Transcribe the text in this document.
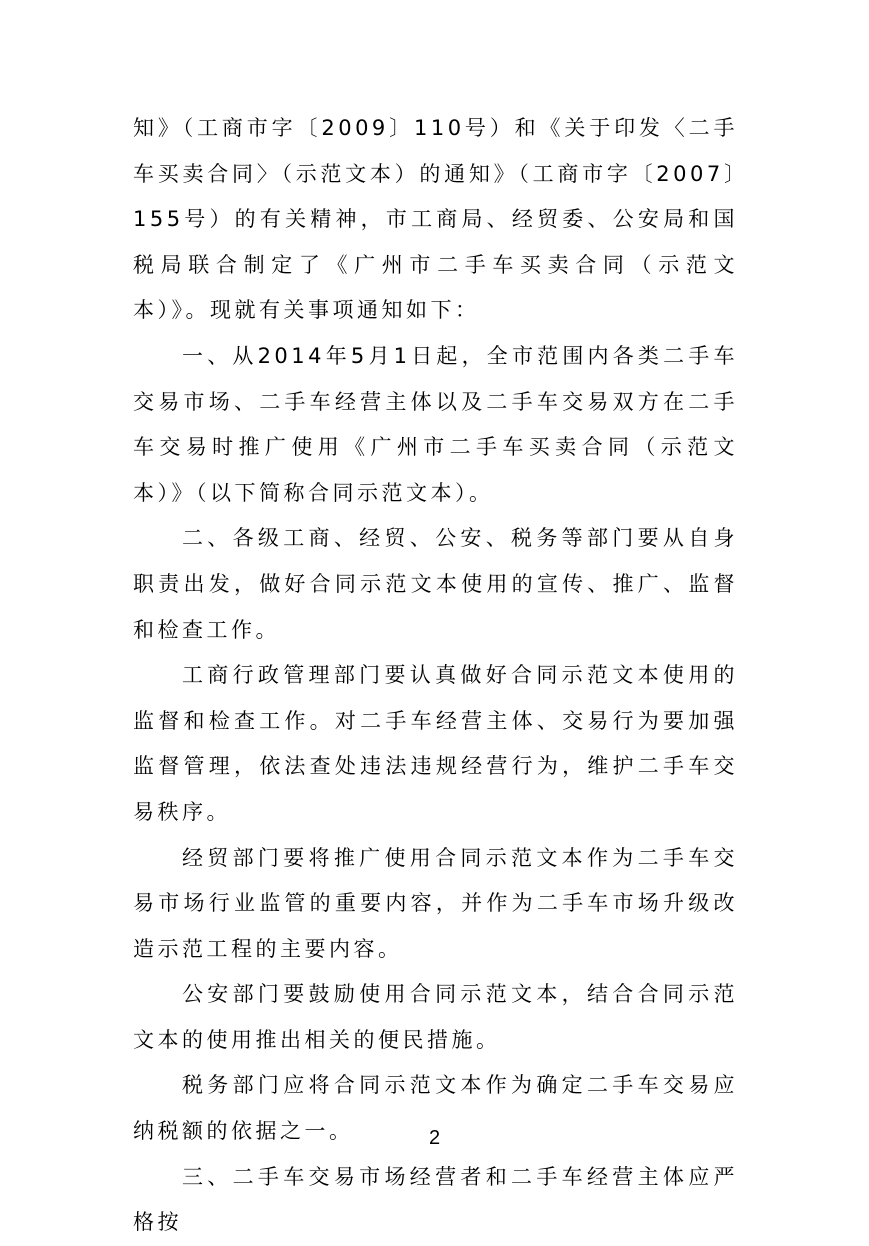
知》（工商市字〔2009〕110号）和《关于印发〈二手车买卖合同〉（示范文本）的通知》（工商市字〔2007〕155号）的有关精神，市工商局、经贸委、公安局和国税局联合制定了《广州市二手车买卖合同（示范文本）》。现就有关事项通知如下：

一、从2014年5月1日起，全市范围内各类二手车交易市场、二手车经营主体以及二手车交易双方在二手车交易时推广使用《广州市二手车买卖合同（示范文本）》（以下简称合同示范文本）。

二、各级工商、经贸、公安、税务等部门要从自身职责出发，做好合同示范文本使用的宣传、推广、监督和检查工作。

工商行政管理部门要认真做好合同示范文本使用的监督和检查工作。对二手车经营主体、交易行为要加强监督管理，依法查处违法违规经营行为，维护二手车交易秩序。

经贸部门要将推广使用合同示范文本作为二手车交易市场行业监管的重要内容，并作为二手车市场升级改造示范工程的主要内容。

公安部门要鼓励使用合同示范文本，结合合同示范文本的使用推出相关的便民措施。

税务部门应将合同示范文本作为确定二手车交易应纳税额的依据之一。

三、二手车交易市场经营者和二手车经营主体应严格按

2
